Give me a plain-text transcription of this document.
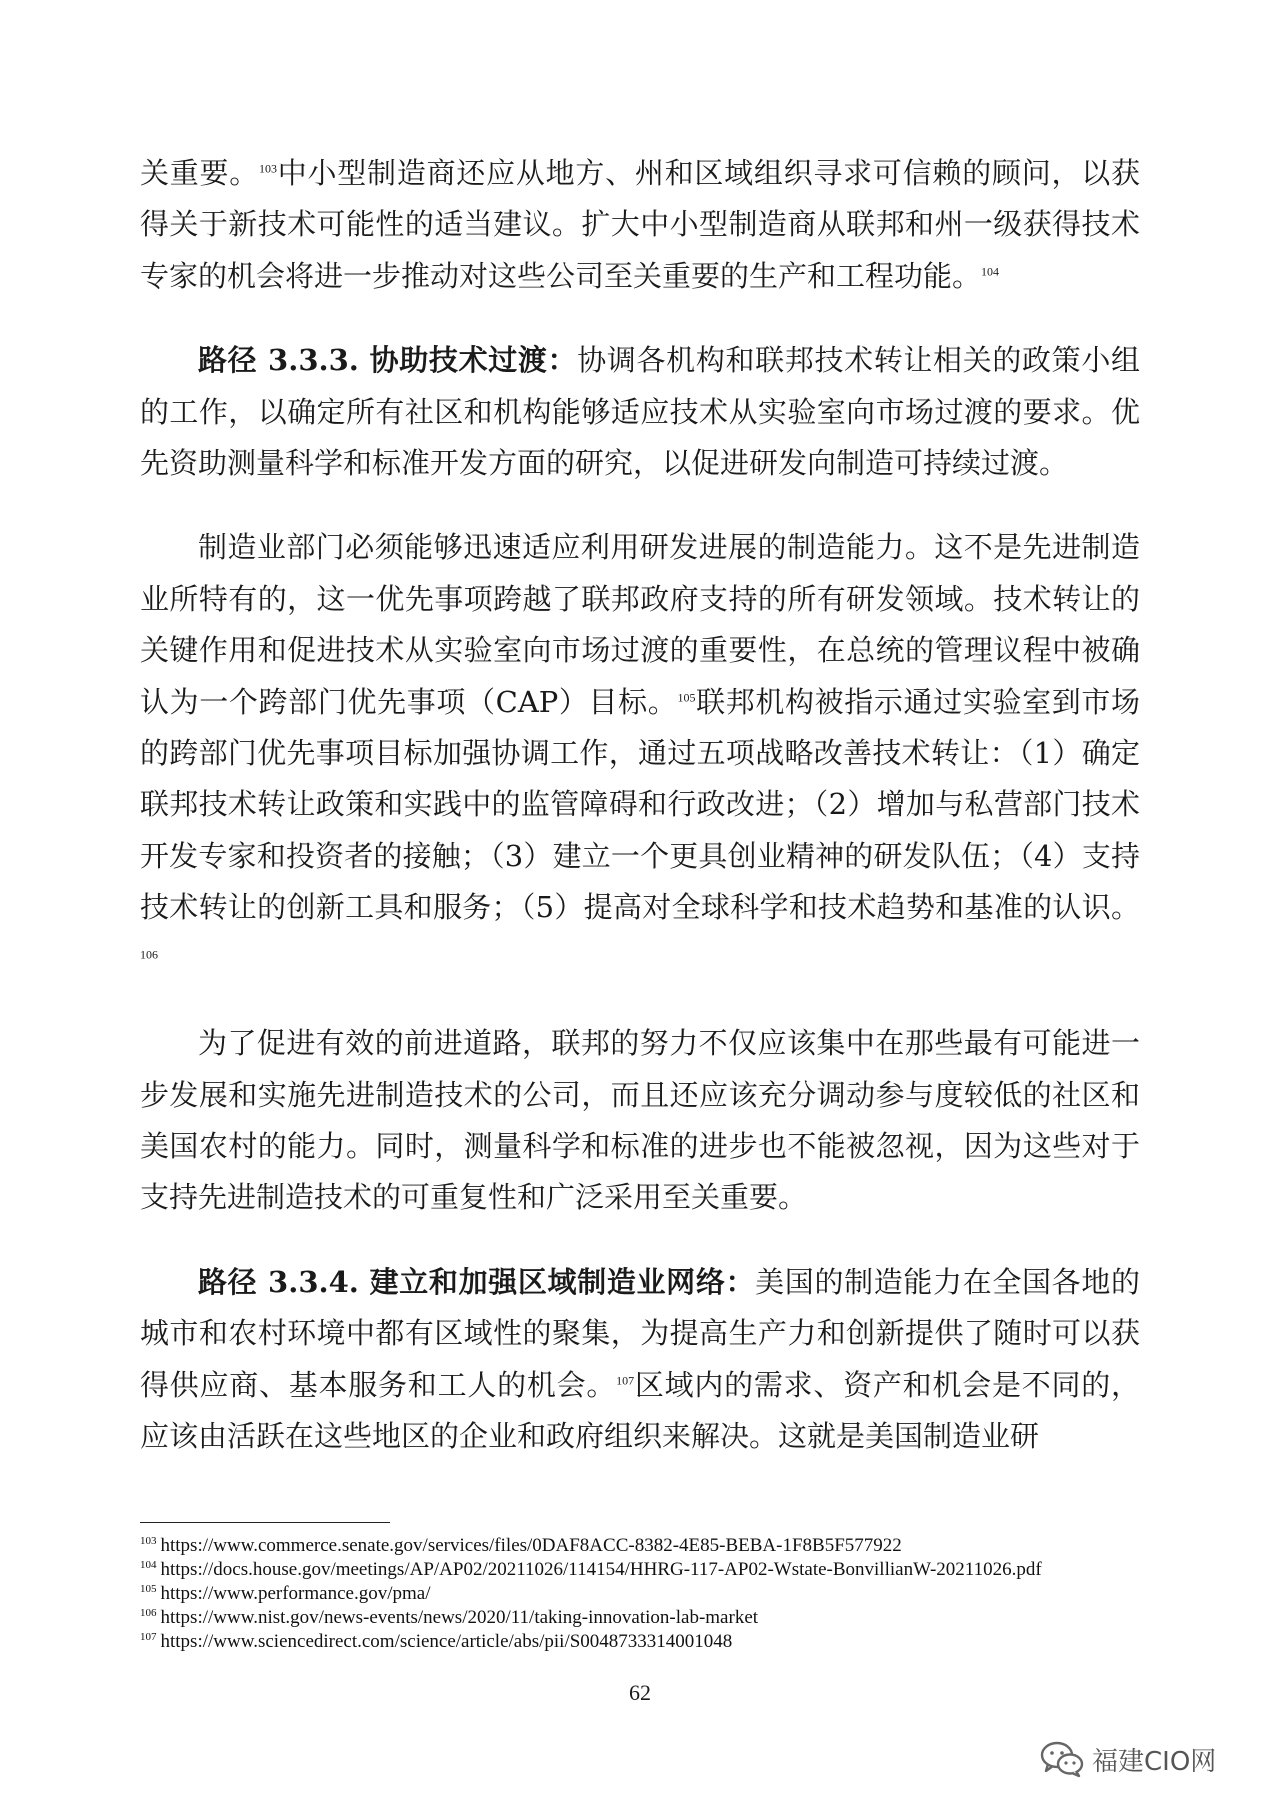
关重要。$^{103}$中小型制造商还应从地方、州和区域组织寻求可信赖的顾问，以获得关于新技术可能性的适当建议。扩大中小型制造商从联邦和州一级获得技术专家的机会将进一步推动对这些公司至关重要的生产和工程功能。$^{104}$

路径 3.3.3. 协助技术过渡：协调各机构和联邦技术转让相关的政策小组的工作，以确定所有社区和机构能够适应技术从实验室向市场过渡的要求。优先资助测量科学和标准开发方面的研究，以促进研发向制造可持续过渡。

制造业部门必须能够迅速适应利用研发进展的制造能力。这不是先进制造业所特有的，这一优先事项跨越了联邦政府支持的所有研发领域。技术转让的关键作用和促进技术从实验室向市场过渡的重要性，在总统的管理议程中被确认为一个跨部门优先事项（CAP）目标。$^{105}$联邦机构被指示通过实验室到市场的跨部门优先事项目标加强协调工作，通过五项战略改善技术转让：（1）确定联邦技术转让政策和实践中的监管障碍和行政改进；（2）增加与私营部门技术开发专家和投资者的接触；（3）建立一个更具创业精神的研发队伍；（4）支持技术转让的创新工具和服务；（5）提高对全球科学和技术趋势和基准的认识。$^{106}$

为了促进有效的前进道路，联邦的努力不仅应该集中在那些最有可能进一步发展和实施先进制造技术的公司，而且还应该充分调动参与度较低的社区和美国农村的能力。同时，测量科学和标准的进步也不能被忽视，因为这些对于支持先进制造技术的可重复性和广泛采用至关重要。

路径 3.3.4. 建立和加强区域制造业网络：美国的制造能力在全国各地的城市和农村环境中都有区域性的聚集，为提高生产力和创新提供了随时可以获得供应商、基本服务和工人的机会。$^{107}$区域内的需求、资产和机会是不同的，应该由活跃在这些地区的企业和政府组织来解决。这就是美国制造业研

$^{103}$ https://www.commerce.senate.gov/services/files/0DAF8ACC-8382-4E85-BEBA-1F8B5F577922
$^{104}$ https://docs.house.gov/meetings/AP/AP02/20211026/114154/HHRG-117-AP02-Wstate-BonvillianW-20211026.pdf
$^{105}$ https://www.performance.gov/pma/
$^{106}$ https://www.nist.gov/news-events/news/2020/11/taking-innovation-lab-market
$^{107}$ https://www.sciencedirect.com/science/article/abs/pii/S0048733314001048
62
福建CIO网
